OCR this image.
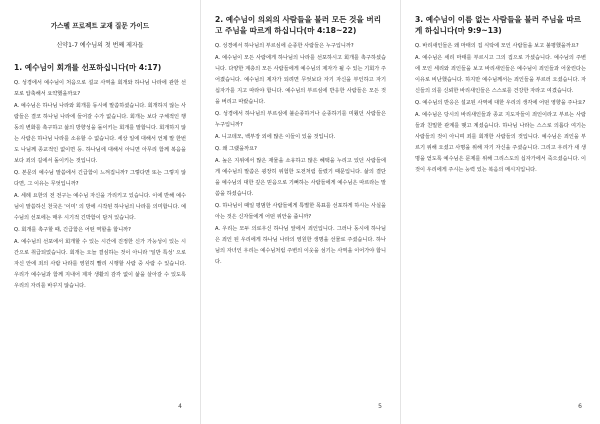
가스펠 프로젝트 교재 질문 가이드
신약1-7 예수님의 첫 번째 제자들
1. 예수님이 회개를 선포하십니다(마 4:17)
Q. 성경에서 예수님이 처음으로 설교 사역을 회개와 하나님 나라에 관한 선포로 압축해서 요약했을까요?
A. 예수님은 하나님 나라와 회개를 동시에 말씀하셨습니다. 회개하지 않는 사람들은 결코 하나님 나라에 들어갈 수가 없습니다. 회개는 보다 구체적인 행동의 변화를 촉구하고 삶의 방향성을 돌이키는 회개를 말합니다. 회개하지 않는 사람은 하나님 나라를 소유할 수 없습니다. 세상 일에 대해서 언제 말 한번도 나님께 종교적인 없이면 등. 하나님에 대해서 아니면 아무리 함께 복음을 보다 죄의 길에서 돌이키는 것입니다.
Q. 본문의 예수님 말씀에서 긴급함이 느껴집니까? 그렇다면 또는 그렇지 않다면, 그 이유는 무엇입니까?
A. 세례 요한의 전 전구는 예수님 자신을 가리키고 있습니다. 이에 반해 예수님이 말씀하신 천국은 '이미' 의 방에 시작된 하나님의 나라를 의미합니다. 예수님의 선포에는 매우 시기적 긴박함이 담겨 있습니다.
Q. 회개를 촉구할 때, 긴급함은 어떤 역할을 합니까?
A. 예수님의 선포에서 회개할 수 있는 시간에 진정한 신가 가능성이 있는 시간으로 취급되었습니다. 회개는 오늘 결심하는 것이 아니라 '일반 특성' 으로 자신 안에 죄의 사람 나라를 영원히 빨리 시행할 사람 중 사람 수 있습니다. 우리가 예수님과 함께 지내어 제자 생활의 감각 없이 삶을 살아갈 수 있도록 우리의 자리를 바꾸지 않습니다.
4
2. 예수님이 의외의 사람들을 불러 모든 것을 버리고 주님을 따르게 하십니다(마 4:18~22)
Q. 성경에서 하나님의 부르심에 순종한 사람들은 누구입니까?
A. 예수님이 모든 사람에게 하나님의 나라를 선포하시고 회개를 촉구하셨습니다. 다양한 계층의 모든 사람들에게 예수님의 제자가 될 수 있는 기회가 주어졌습니다. 예수님의 제자가 되려면 무엇보다 자기 자신을 부인하고 자기 십자가를 지고 따라야 합니다. 예수님의 부르심에 반응한 사람들은 모든 것을 버리고 따랐습니다.
Q. 성경에서 하나님의 부르심에 불순종하거나 순종하기를 미뤘던 사람들은 누구입니까?
A. 니고데모, 백부장 외에 많은 이들이 있을 것입니다.
Q. 왜 그랬을까요?
A. 높은 지위에서 많은 재물을 소유하고 많은 혜택을 누리고 있던 사람들에게 예수님의 말씀은 굉장히 위험한 도전처럼 들렸기 때문입니다. 삶의 결단을 예수님의 대한 깊은 믿음으로 기뻐하는 사람들에게 예수님은 따르라는 말씀을 하셨습니다.
Q. 하나님이 때일 평범한 사람들에게 특별한 목표를 선포하게 하시는 사실을 아는 것은 신자들에게 어떤 위안을 줍니까?
A. 우리는 모두 의로우신 하나님 앞에서 죄인입니다. 그러나 동시에 하나님은 죄인 된 우리에게 하나님 나라의 영원한 생명을 선물로 주셨습니다. 하나님의 자녀인 우리는 예수님처럼 주변의 이웃을 섬기는 사역을 이어가야 합니다.
5
3. 예수님이 이름 없는 사람들을 불러 주님을 따르게 하십니다(마 9:9~13)
Q. 바리새인들은 왜 마태의 집 식탁에 모인 사람들을 보고 불평했을까요?
A. 예수님은 세리 마태를 부르시고 그의 집으로 가셨습니다. 예수님의 주변에 모인 세리와 죄인들을 보고 바리새인들은 예수님이 죄인들과 어울린다는 이유로 비난했습니다. 하지만 예수님께서는 죄인들을 부르러 오셨습니다. 자신들의 의를 신뢰한 바리새인들은 스스로를 건강한 자라고 여겼습니다.
Q. 예수님의 반응은 설교된 사역에 대한 우리의 생각에 어떤 영향을 주나요?
A. 예수님은 당시의 바리새인들과 종교 지도자들이 죄인이라고 부르는 사람들과 친밀한 관계를 맺고 계셨습니다. 하나님 나라는 스스로 의롭다 여기는 사람들의 것이 아니며 죄를 회개한 사람들의 것입니다. 예수님은 죄인을 부르기 위해 오셨고 사명을 위해 자기 자신을 주셨습니다. 그리고 우리가 새 생명을 얻도록 예수님은 문제를 위해 그리스도의 십자가에서 죽으셨습니다. 이것이 우리에게 주시는 능력 있는 복음의 메시지입니다.
6
